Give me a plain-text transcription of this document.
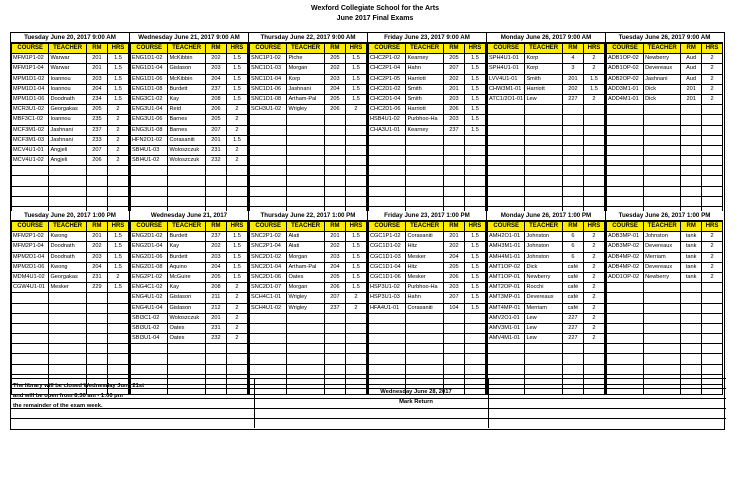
Wexford Collegiate School for the Arts
June 2017 Final Exams
Tuesday June 20, 2017 9:00 AM
COURSE	TEACHER	RM	HRS
MFM1P1-02	Warwar	201	1.5
MFM1P1-04	Warwar	201	1.5
MPM1D1-02	Ioannou	203	1.5
MPM1D1-04	Ioannou	204	1.5
MPM1D1-06	Doodnath	234	1.5
MCR3U1-02	Georgakas	205	2
MBF3C1-02	Ioannou	235	2
MCF3M1-02	Jashnani	237	2
MCF3M1-03	Jashnani	233	2
MCV4U1-01	Angjeli	207	2
MCV4U1-02	Angjeli	206	2

Wednesday June 21, 2017 9:00 AM
COURSE	TEACHER	RM	HRS
ENG1D1-02	McKibbin	202	1.5
ENG1D1-04	Gislason	203	1.5
ENG1D1-06	McKibbin	204	1.5
ENG1D1-08	Burdett	237	1.5
ENG3C1-02	Kay	208	1.5
ENG3U1-04	Reid	206	2
ENG3U1-06	Barnes	205	2
ENG3U1-08	Barnes	207	2
HFN2O1-02	Corasaniti	201	1.5
SBI4U1-03	Woloszczuk	231	2
SBI4U1-02	Woloszczuk	232	2

Thursday June 22, 2017 9:00 AM
COURSE	TEACHER	RM	HRS
SNC1P1-02	Piche	205	1.5
SNC1D1-03	Morgan	202	1.5
SNC1D1-04	Korp	203	1.5
SNC1D1-06	Jashnani	204	1.5
SNC1D1-08	Artham-Pal	205	1.5
SCH3U1-02	Wrigley	206	2

Friday June 23, 2017 9:00 AM
COURSE	TEACHER	RM	HRS
CHC2P1-02	Kearney	205	1.5
CHC2P1-04	Hahn	207	1.5
CHC2P1-05	Harriott	202	1.5
CHC2D1-02	Smith	201	1.5
CHC2D1-04	Smith	203	1.5
CHC2D1-06	Harriott	206	1.5
HSB4U1-02	Purbhoo-Ha	203	1.5
CHA3U1-01	Kearney	237	1.5

Monday June 26, 2017 9:00 AM
COURSE	TEACHER	RM	HRS
SPH4U1-01	Korp	4	2
SPH4U1-01	Korp	3	2
LVV4U1-01	Smith	201	1.5
CHW3M1-01	Harriott	202	1.5
ATC1/2O1-01	Lew	227	2

Tuesday June 26, 2017 9:00 AM
COURSE	TEACHER	RM	HRS
ADB1OP-02	Newberry	Aud	2
ADB1OP-02	Devereaux	Aud	2
ADB2OP-02	Jashnani	Aud	2
ADD3M1-01	Dick	201	2
ADD4M1-01	Dick	201	2

Tuesday June 20, 2017 1:00 PM
COURSE	TEACHER	RM	HRS
MFM2P1-02	Kwong	201	1.5
MFM2P1-04	Doodnath	202	1.5
MPM2D1-04	Doodnath	203	1.5
MPM2D1-06	Kwong	204	1.5
MDM4U1-02	Georgakas	231	2
CGW4U1-01	Mesker	229	1.5

Wednesday June 21, 2017
COURSE	TEACHER	RM	HRS
ENG2D1-02	Burdett	237	1.5
ENG2D1-04	Kay	202	1.5
ENG2D1-06	Burdett	203	1.5
ENG2D1-08	Aquino	204	1.5
ENG2P1-02	McGuire	205	1.5
ENG4C1-02	Kay	208	2
ENG4U1-02	Gislason	211	2
ENG4U1-04	Gislason	212	2
SBI3C1-02	Woloszczuk	201	2
SBI3U1-02	Oates	231	2
SBI3U1-04	Oates	232	2

Thursday June 22, 2017 1:00 PM
COURSE	TEACHER	RM	HRS
SNC2P1-02	Alati	201	1.5
SNC2P1-04	Alati	202	1.5
SNC2D1-02	Morgan	203	1.5
SNC2D1-04	Artham-Pal	204	1.5
SNC2D1-06	Oates	205	1.5
SNC2D1-07	Morgan	206	1.5
SCH4C1-01	Wrigley	207	2
SCH4U1-02	Wrigley	237	2

Friday June 23, 2017 1:00 PM
COURSE	TEACHER	RM	HRS
CGC1P1-02	Corasaniti	201	1.5
CGC1D1-02	Hitz	202	1.5
CGC1D1-03	Mesker	204	1.5
CGC1D1-04	Hitz	205	1.5
CGC1D1-06	Mesker	206	1.5
HSP3U1-02	Purbhoo-Ha	203	1.5
HSP3U1-03	Hahn	207	1.5
HFA4U1-01	Corasaniti	104	1.5

Monday June 26, 2017 1:00 PM
COURSE	TEACHER	RM	HRS
AMH2O1-01	Johnston	6	2
AMH3M1-01	Johnston	6	2
AMH4M1-01	Johnston	6	2
AMT1OP-02	Dick	café	2
AMT1OP-01	Newberry	café	2
AMT2OP-01	Rocchi	café	2
AMT3MP-01	Devereaux	café	2
AMT4MP-01	Merriam	café	2
AMV2O1-01	Lew	227	2
AMV3M1-01	Lew	227	2
AMV4M1-01	Lew	227	2

Tuesday June 26, 2017 1:00 PM
COURSE	TEACHER	RM	HRS
ADB3MP-01	Johnston	tank	2
ADB3MP-02	Devereaux	tank	2
ADB4MP-02	Merriam	tank	2
ADB4MP-02	Devereaux	tank	2
ADD1OP-02	Newberry	tank	2

The library will be closed Wednesday June 21st
and will be open from 8:30 am - 1:00 pm
the remainder of the exam week.
Wednesday June 28, 2017
Mark Return
